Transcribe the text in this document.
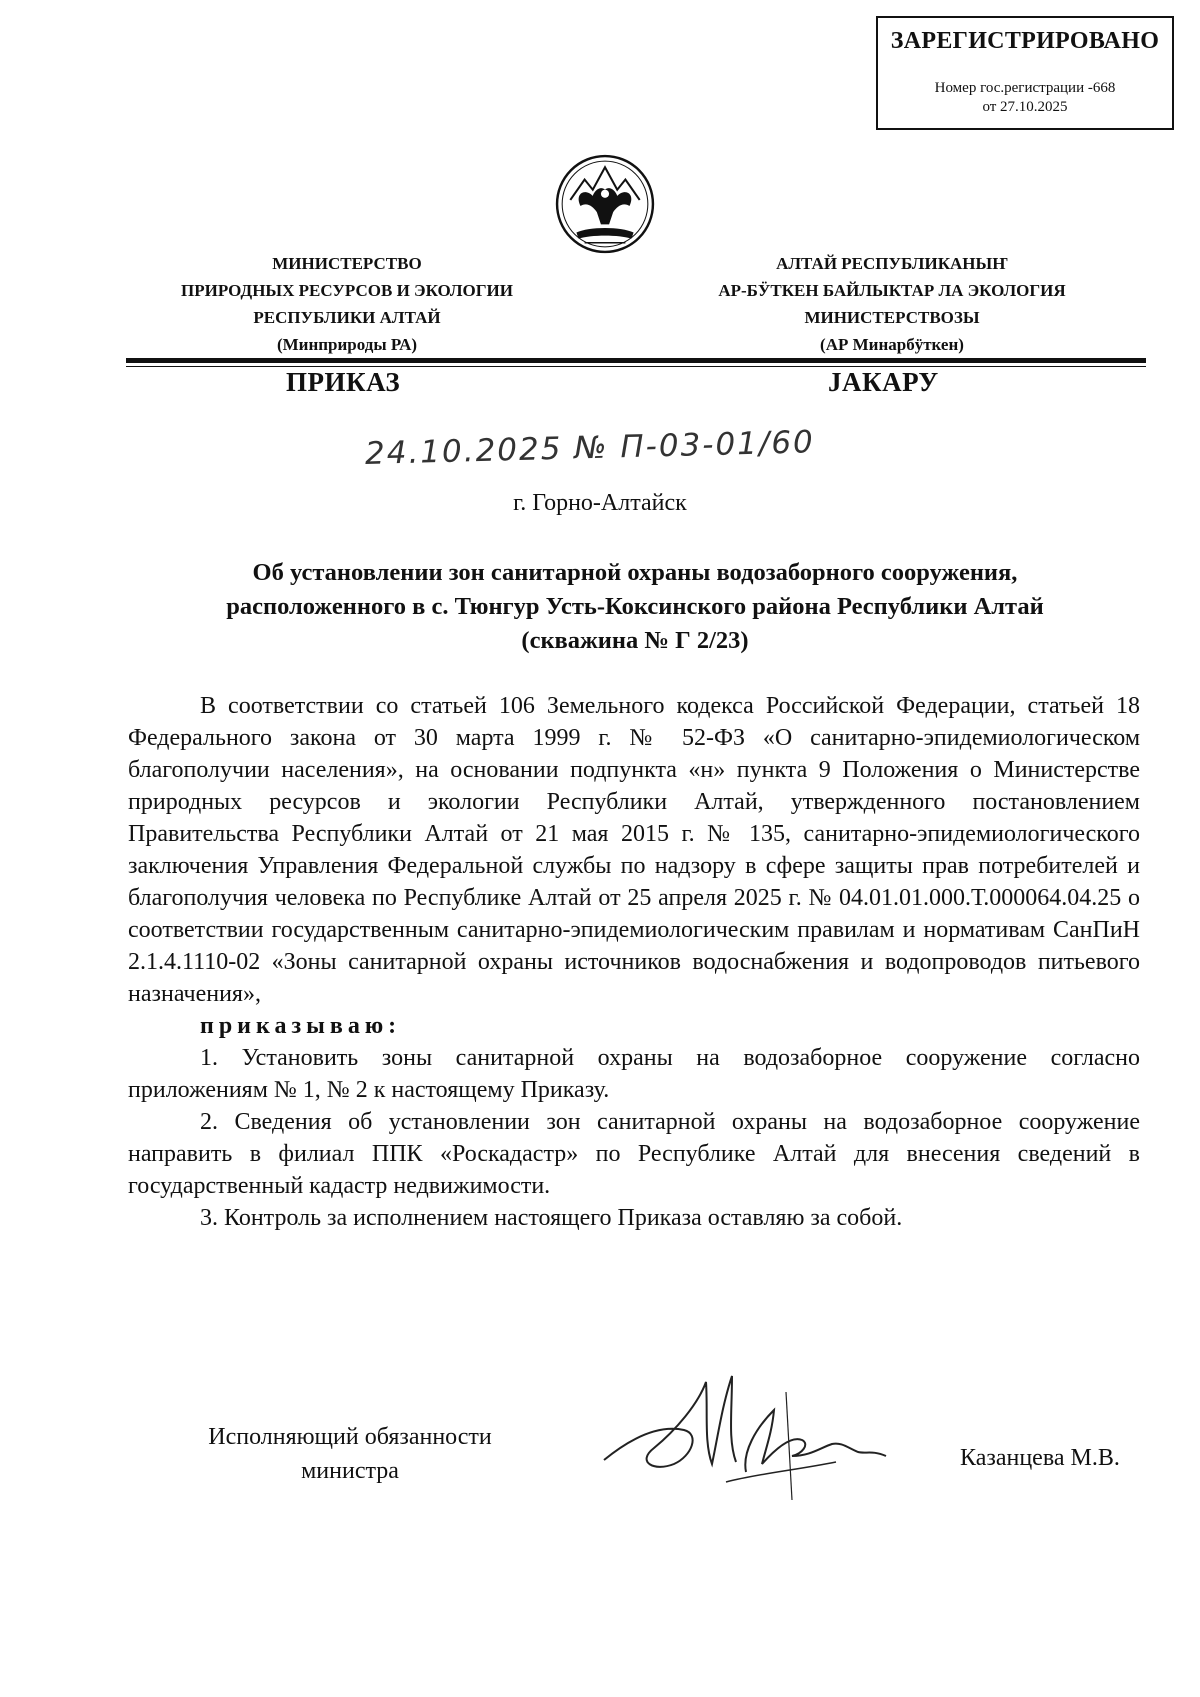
ЗАРЕГИСТРИРОВАНО
Номер гос.регистрации -668
от 27.10.2025
МИНИСТЕРСТВО
ПРИРОДНЫХ РЕСУРСОВ И ЭКОЛОГИИ
РЕСПУБЛИКИ АЛТАЙ
(Минприроды РА)
АЛТАЙ РЕСПУБЛИКАНЫҤ
АР-БӰТКЕН БАЙЛЫКТАР ЛА ЭКОЛОГИЯ
МИНИСТЕРСТВОЗЫ
(АР Минарбӱткен)
ПРИКАЗ	ЈАКАРУ
24.10.2025 № П-03-01/60
г. Горно-Алтайск
Об установлении зон санитарной охраны водозаборного сооружения,
расположенного в с. Тюнгур Усть-Коксинского района Республики Алтай
(скважина № Г 2/23)

В соответствии со статьей 106 Земельного кодекса Российской Федерации, статьей 18 Федерального закона от 30 марта 1999 г. № 52-ФЗ «О санитарно-эпидемиологическом благополучии населения», на основании подпункта «н» пункта 9 Положения о Министерстве природных ресурсов и экологии Республики Алтай, утвержденного постановлением Правительства Республики Алтай от 21 мая 2015 г. № 135, санитарно-эпидемиологического заключения Управления Федеральной службы по надзору в сфере защиты прав потребителей и благополучия человека по Республике Алтай от 25 апреля 2025 г. № 04.01.01.000.Т.000064.04.25 о соответствии государственным санитарно-эпидемиологическим правилам и нормативам СанПиН 2.1.4.1110-02 «Зоны санитарной охраны источников водоснабжения и водопроводов питьевого назначения»,

приказываю:

1. Установить зоны санитарной охраны на водозаборное сооружение согласно приложениям № 1, № 2 к настоящему Приказу.

2. Сведения об установлении зон санитарной охраны на водозаборное сооружение направить в филиал ППК «Роскадастр» по Республике Алтай для внесения сведений в государственный кадастр недвижимости.

3. Контроль за исполнением настоящего Приказа оставляю за собой.

Исполняющий обязанности
министра	Казанцева М.В.
